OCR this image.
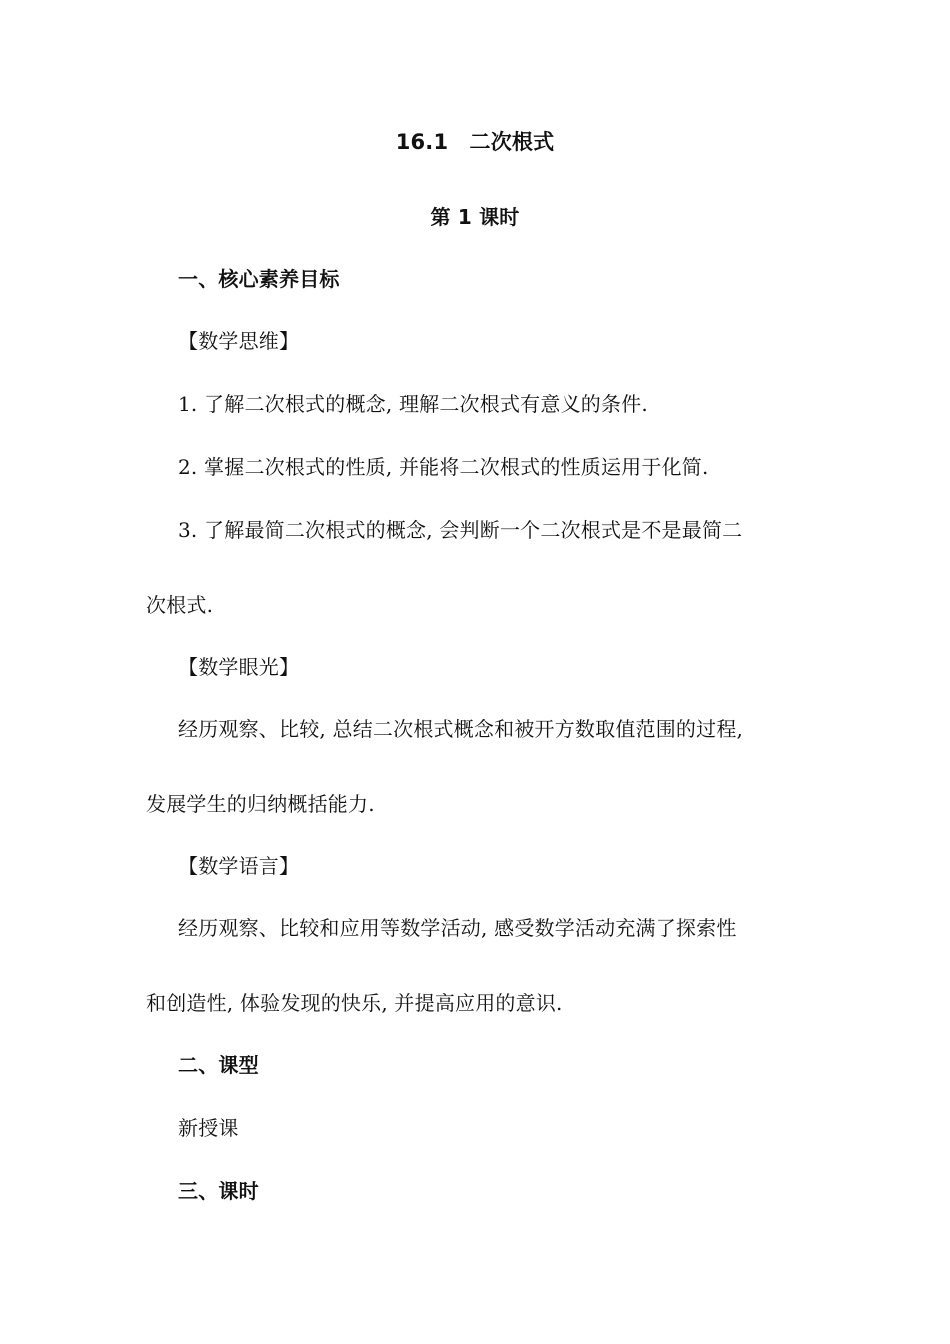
16.1　二次根式
第 1 课时
一、核心素养目标
【数学思维】
1. 了解二次根式的概念, 理解二次根式有意义的条件.
2. 掌握二次根式的性质, 并能将二次根式的性质运用于化简.
3. 了解最简二次根式的概念, 会判断一个二次根式是不是最简二
次根式.
【数学眼光】
经历观察、比较, 总结二次根式概念和被开方数取值范围的过程,
发展学生的归纳概括能力.
【数学语言】
经历观察、比较和应用等数学活动, 感受数学活动充满了探索性
和创造性, 体验发现的快乐, 并提高应用的意识.
二、课型
新授课
三、课时
